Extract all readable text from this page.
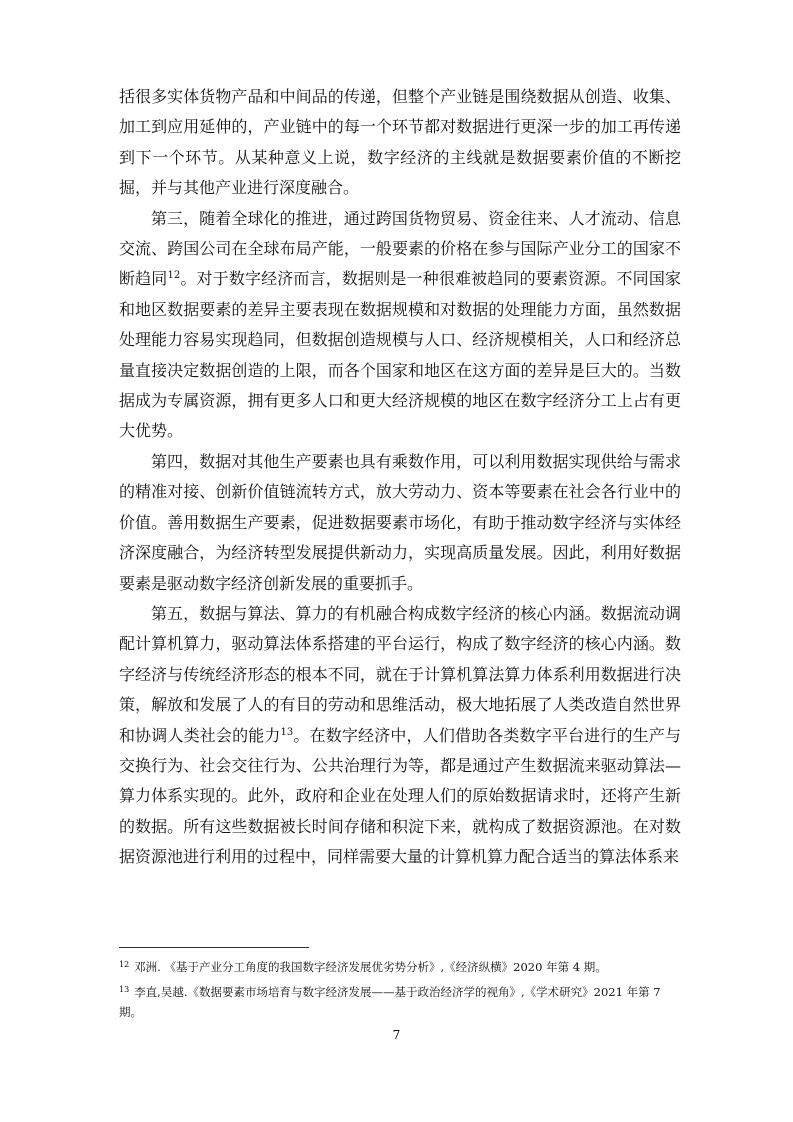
括很多实体货物产品和中间品的传递，但整个产业链是围绕数据从创造、收集、加工到应用延伸的，产业链中的每一个环节都对数据进行更深一步的加工再传递到下一个环节。从某种意义上说，数字经济的主线就是数据要素价值的不断挖掘，并与其他产业进行深度融合。

第三，随着全球化的推进，通过跨国货物贸易、资金往来、人才流动、信息交流、跨国公司在全球布局产能，一般要素的价格在参与国际产业分工的国家不断趋同$^{12}$。对于数字经济而言，数据则是一种很难被趋同的要素资源。不同国家和地区数据要素的差异主要表现在数据规模和对数据的处理能力方面，虽然数据处理能力容易实现趋同，但数据创造规模与人口、经济规模相关，人口和经济总量直接决定数据创造的上限，而各个国家和地区在这方面的差异是巨大的。当数据成为专属资源，拥有更多人口和更大经济规模的地区在数字经济分工上占有更大优势。

第四，数据对其他生产要素也具有乘数作用，可以利用数据实现供给与需求的精准对接、创新价值链流转方式，放大劳动力、资本等要素在社会各行业中的价值。善用数据生产要素，促进数据要素市场化，有助于推动数字经济与实体经济深度融合，为经济转型发展提供新动力，实现高质量发展。因此，利用好数据要素是驱动数字经济创新发展的重要抓手。

第五，数据与算法、算力的有机融合构成数字经济的核心内涵。数据流动调配计算机算力，驱动算法体系搭建的平台运行，构成了数字经济的核心内涵。数字经济与传统经济形态的根本不同，就在于计算机算法算力体系利用数据进行决策，解放和发展了人的有目的劳动和思维活动，极大地拓展了人类改造自然世界和协调人类社会的能力$^{13}$。在数字经济中，人们借助各类数字平台进行的生产与交换行为、社会交往行为、公共治理行为等，都是通过产生数据流来驱动算法—算力体系实现的。此外，政府和企业在处理人们的原始数据请求时，还将产生新的数据。所有这些数据被长时间存储和积淀下来，就构成了数据资源池。在对数据资源池进行利用的过程中，同样需要大量的计算机算力配合适当的算法体系来

$^{12}$ 邓洲. 《基于产业分工角度的我国数字经济发展优劣势分析》,《经济纵横》2020 年第 4 期。

$^{13}$ 李直,吴越.《数据要素市场培育与数字经济发展——基于政治经济学的视角》,《学术研究》2021 年第 7 期。

7
